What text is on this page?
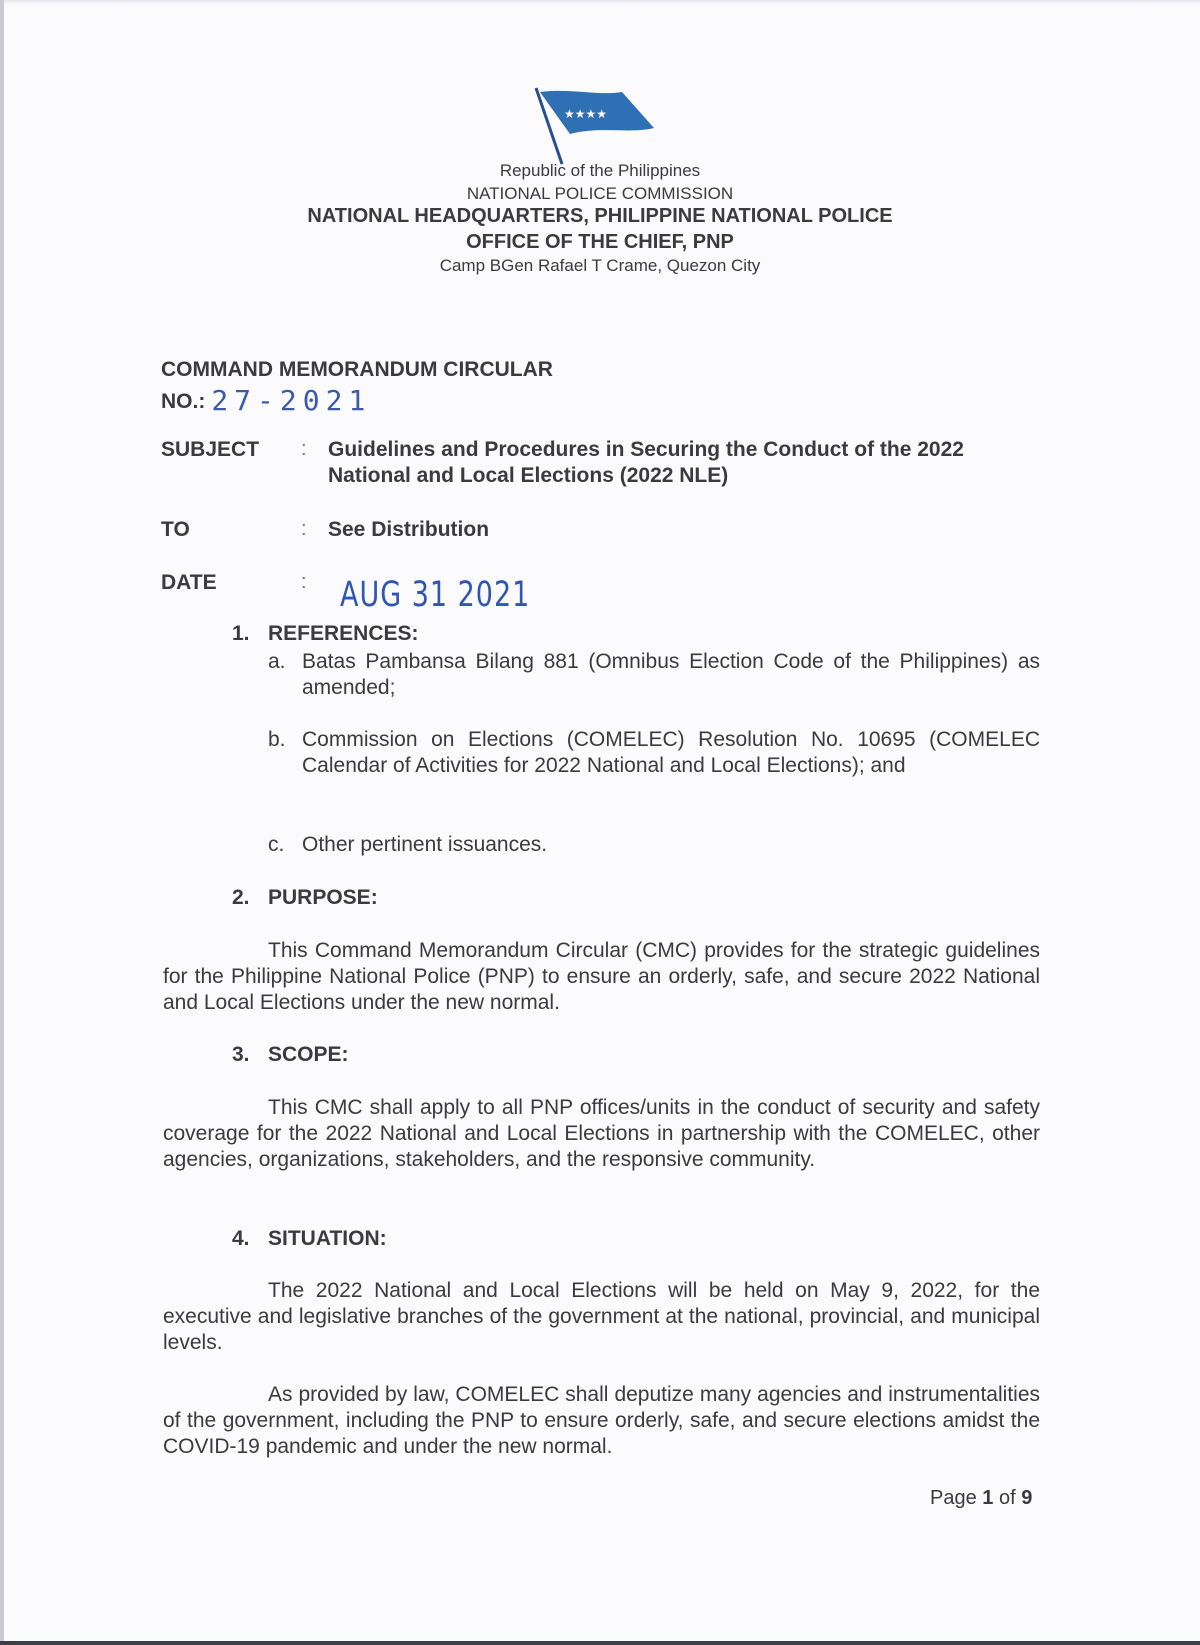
★★★★
Republic of the Philippines
NATIONAL POLICE COMMISSION
NATIONAL HEADQUARTERS, PHILIPPINE NATIONAL POLICE
OFFICE OF THE CHIEF, PNP
Camp BGen Rafael T Crame, Quezon City
COMMAND MEMORANDUM CIRCULAR
NO.: 27-2021
SUBJECT : Guidelines and Procedures in Securing the Conduct of the 2022 National and Local Elections (2022 NLE)
TO	: See Distribution
DATE	: AUG 31 2021
1. REFERENCES:
a. Batas Pambansa Bilang 881 (Omnibus Election Code of the Philippines) as amended;
b. Commission on Elections (COMELEC) Resolution No. 10695 (COMELEC Calendar of Activities for 2022 National and Local Elections); and
c. Other pertinent issuances.
2. PURPOSE:
This Command Memorandum Circular (CMC) provides for the strategic guidelines for the Philippine National Police (PNP) to ensure an orderly, safe, and secure 2022 National and Local Elections under the new normal.
3. SCOPE:
This CMC shall apply to all PNP offices/units in the conduct of security and safety coverage for the 2022 National and Local Elections in partnership with the COMELEC, other agencies, organizations, stakeholders, and the responsive community.
4. SITUATION:
The 2022 National and Local Elections will be held on May 9, 2022, for the executive and legislative branches of the government at the national, provincial, and municipal levels.
As provided by law, COMELEC shall deputize many agencies and instrumentalities of the government, including the PNP to ensure orderly, safe, and secure elections amidst the COVID-19 pandemic and under the new normal.
Page 1 of 9
